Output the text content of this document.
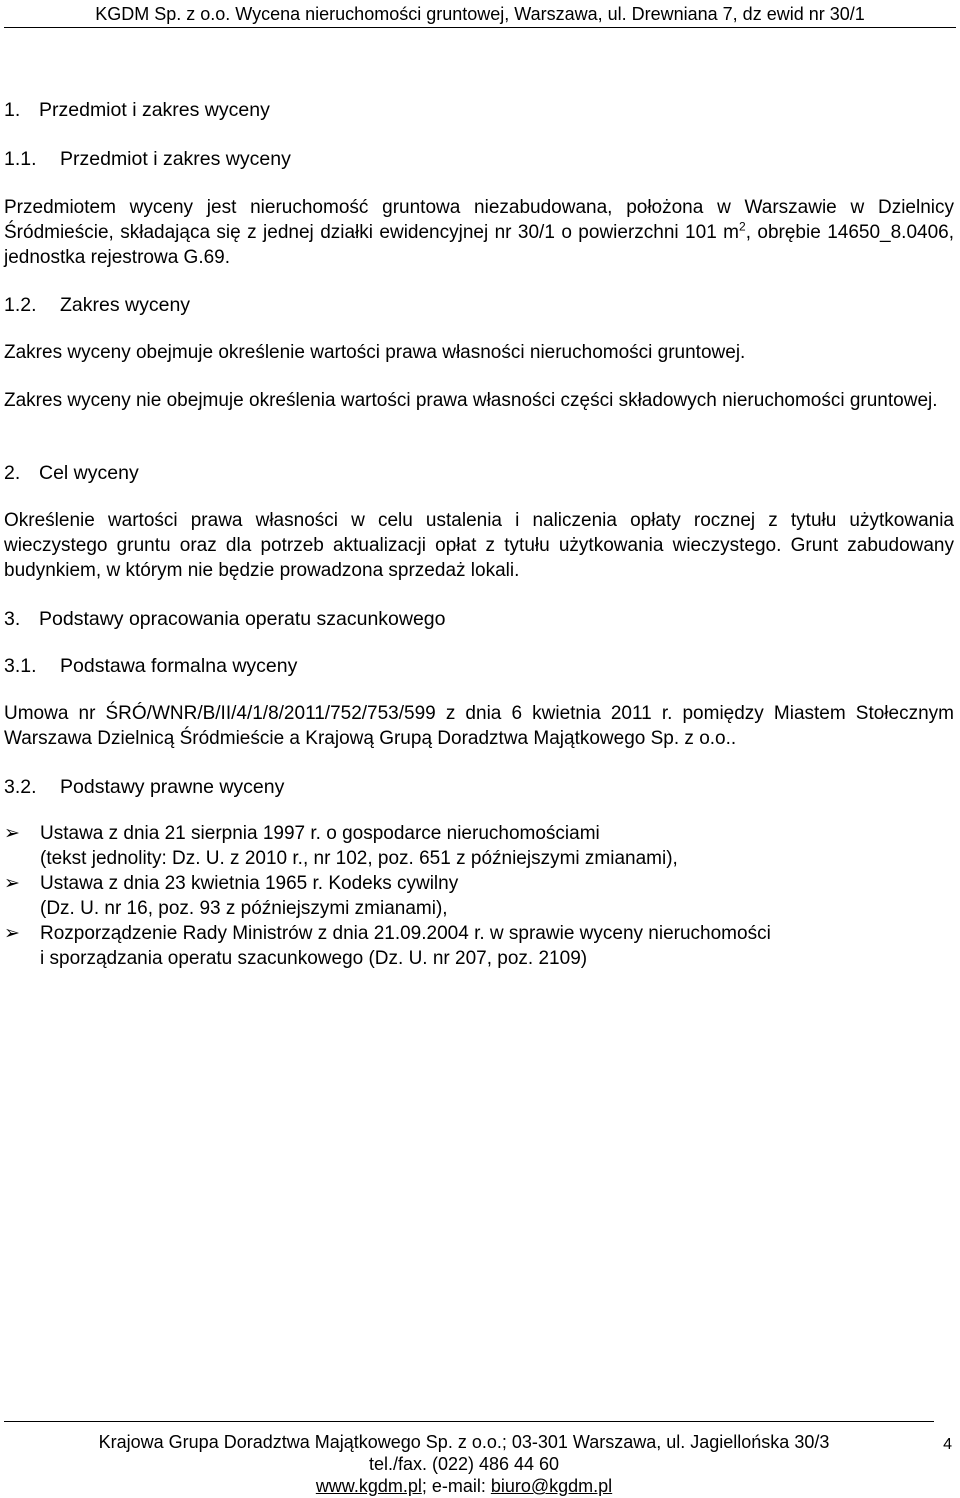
KGDM Sp. z o.o. Wycena nieruchomości gruntowej, Warszawa, ul. Drewniana 7, dz ewid nr 30/1
1. Przedmiot i zakres wyceny
1.1. Przedmiot i zakres wyceny
Przedmiotem wyceny jest nieruchomość gruntowa niezabudowana, położona w Warszawie w Dzielnicy Śródmieście, składająca się z jednej działki ewidencyjnej nr 30/1 o powierzchni 101 $m^2$, obrębie 14650_8.0406, jednostka rejestrowa G.69.
1.2. Zakres wyceny
Zakres wyceny obejmuje określenie wartości prawa własności nieruchomości gruntowej.
Zakres wyceny nie obejmuje określenia wartości prawa własności części składowych nieruchomości gruntowej.
2. Cel wyceny
Określenie wartości prawa własności w celu ustalenia i naliczenia opłaty rocznej z tytułu użytkowania wieczystego gruntu oraz dla potrzeb aktualizacji opłat z tytułu użytkowania wieczystego. Grunt zabudowany budynkiem, w którym nie będzie prowadzona sprzedaż lokali.
3. Podstawy opracowania operatu szacunkowego
3.1. Podstawa formalna wyceny
Umowa nr ŚRÓ/WNR/B/II/4/1/8/2011/752/753/599 z dnia 6 kwietnia 2011 r. pomiędzy Miastem Stołecznym Warszawa Dzielnicą Śródmieście a Krajową Grupą Doradztwa Majątkowego Sp. z o.o..
3.2. Podstawy prawne wyceny
➢	Ustawa z dnia 21 sierpnia 1997 r. o gospodarce nieruchomościami
(tekst jednolity: Dz. U. z 2010 r., nr 102, poz. 651 z późniejszymi zmianami),
➢	Ustawa z dnia 23 kwietnia 1965 r. Kodeks cywilny
(Dz. U. nr 16, poz. 93 z późniejszymi zmianami),
➢	Rozporządzenie Rady Ministrów z dnia 21.09.2004 r. w sprawie wyceny nieruchomości
i sporządzania operatu szacunkowego (Dz. U. nr 207, poz. 2109)
Krajowa Grupa Doradztwa Majątkowego Sp. z o.o.; 03-301 Warszawa, ul. Jagiellońska 30/3
tel./fax. (022) 486 44 60
www.kgdm.pl; e-mail: biuro@kgdm.pl
4
